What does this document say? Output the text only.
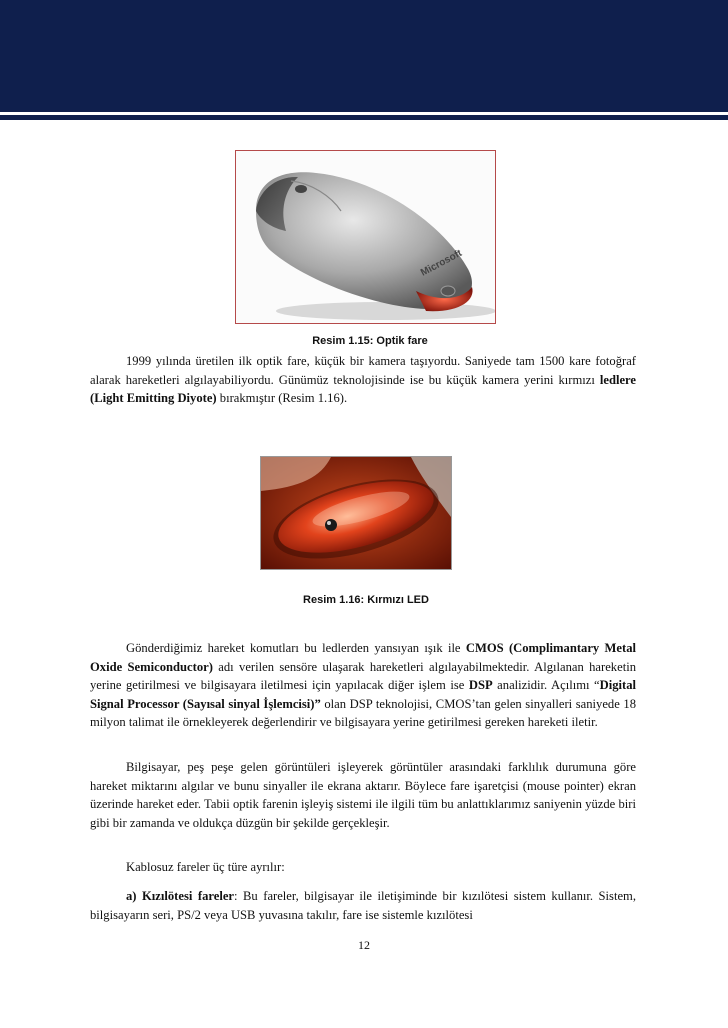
Microsoft
Resim 1.15: Optik fare
1999 yılında üretilen ilk optik fare, küçük bir kamera taşıyordu. Saniyede tam 1500 kare fotoğraf alarak hareketleri algılayabiliyordu. Günümüz teknolojisinde ise bu küçük kamera yerini kırmızı ledlere (Light Emitting Diyote) bırakmıştır (Resim 1.16).
Resim 1.16: Kırmızı LED
Gönderdiğimiz hareket komutları bu ledlerden yansıyan ışık ile CMOS (Complimantary Metal Oxide Semiconductor) adı verilen sensöre ulaşarak hareketleri algılayabilmektedir. Algılanan hareketin yerine getirilmesi ve bilgisayara iletilmesi için yapılacak diğer işlem ise DSP analizidir. Açılımı “Digital Signal Processor (Sayısal sinyal İşlemcisi)” olan DSP teknolojisi, CMOS’tan gelen sinyalleri saniyede 18 milyon talimat ile örnekleyerek değerlendirir ve bilgisayara yerine getirilmesi gereken hareketi iletir.
Bilgisayar, peş peşe gelen görüntüleri işleyerek görüntüler arasındaki farklılık durumuna göre hareket miktarını algılar ve bunu sinyaller ile ekrana aktarır. Böylece fare işaretçisi (mouse pointer) ekran üzerinde hareket eder. Tabii optik farenin işleyiş sistemi ile ilgili tüm bu anlattıklarımız saniyenin yüzde biri gibi bir zamanda ve oldukça düzgün bir şekilde gerçekleşir.
Kablosuz fareler üç türe ayrılır:
a) Kızılötesi fareler: Bu fareler, bilgisayar ile iletişiminde bir kızılötesi sistem kullanır. Sistem, bilgisayarın seri, PS/2 veya USB yuvasına takılır, fare ise sistemle kızılötesi
12
